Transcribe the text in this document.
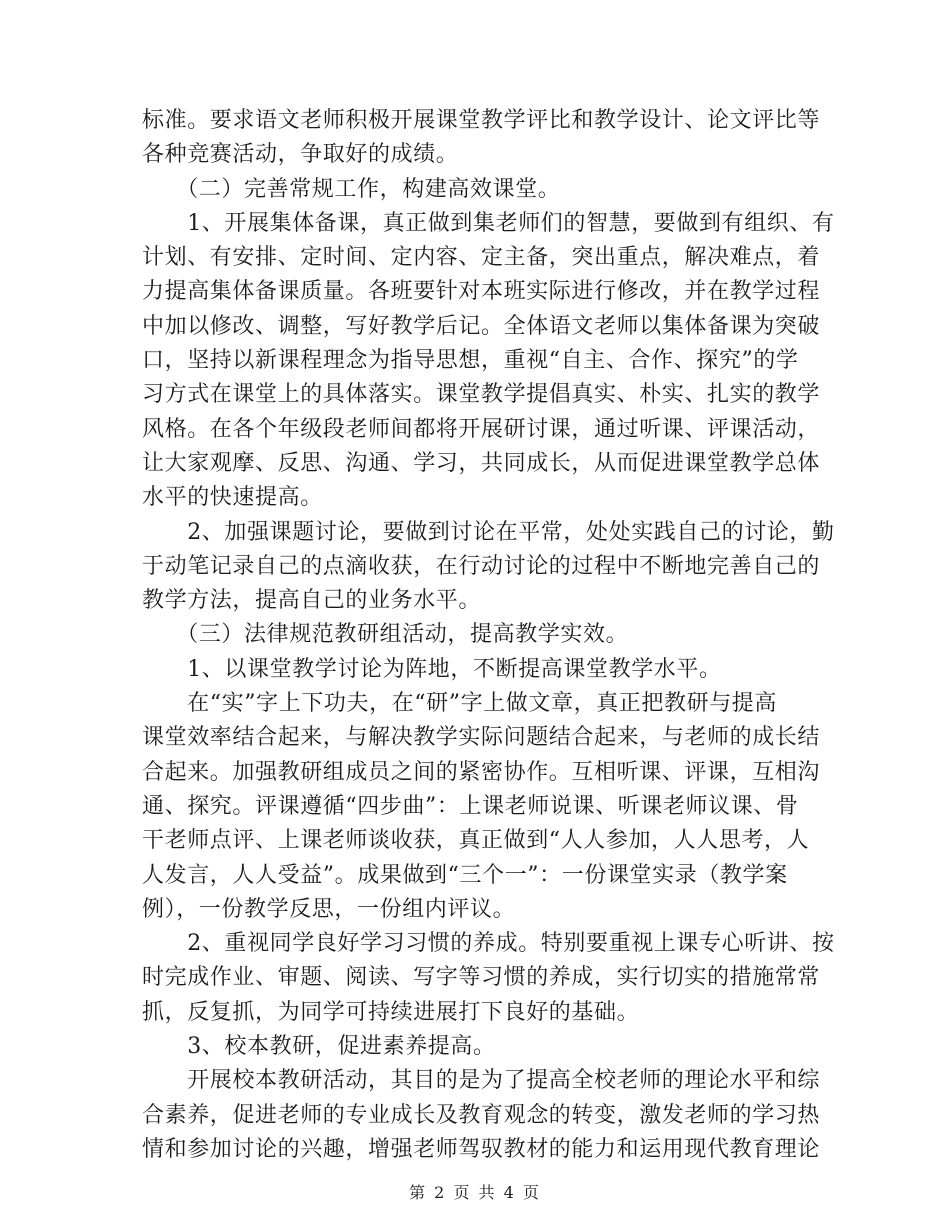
标准。要求语文老师积极开展课堂教学评比和教学设计、论文评比等
各种竞赛活动，争取好的成绩。
　　（二）完善常规工作，构建高效课堂。
　　1、开展集体备课，真正做到集老师们的智慧，要做到有组织、有
计划、有安排、定时间、定内容、定主备，突出重点，解决难点，着
力提高集体备课质量。各班要针对本班实际进行修改，并在教学过程
中加以修改、调整，写好教学后记。全体语文老师以集体备课为突破
口，坚持以新课程理念为指导思想，重视“自主、合作、探究”的学
习方式在课堂上的具体落实。课堂教学提倡真实、朴实、扎实的教学
风格。在各个年级段老师间都将开展研讨课，通过听课、评课活动，
让大家观摩、反思、沟通、学习，共同成长，从而促进课堂教学总体
水平的快速提高。
　　2、加强课题讨论，要做到讨论在平常，处处实践自己的讨论，勤
于动笔记录自己的点滴收获，在行动讨论的过程中不断地完善自己的
教学方法，提高自己的业务水平。
　　（三）法律规范教研组活动，提高教学实效。
　　1、以课堂教学讨论为阵地，不断提高课堂教学水平。
　　在“实”字上下功夫，在“研”字上做文章，真正把教研与提高
课堂效率结合起来，与解决教学实际问题结合起来，与老师的成长结
合起来。加强教研组成员之间的紧密协作。互相听课、评课，互相沟
通、探究。评课遵循“四步曲”：上课老师说课、听课老师议课、骨
干老师点评、上课老师谈收获，真正做到“人人参加，人人思考，人
人发言，人人受益”。成果做到“三个一”：一份课堂实录（教学案
例），一份教学反思，一份组内评议。
　　2、重视同学良好学习习惯的养成。特别要重视上课专心听讲、按
时完成作业、审题、阅读、写字等习惯的养成，实行切实的措施常常
抓，反复抓，为同学可持续进展打下良好的基础。
　　3、校本教研，促进素养提高。
　　开展校本教研活动，其目的是为了提高全校老师的理论水平和综
合素养，促进老师的专业成长及教育观念的转变，激发老师的学习热
情和参加讨论的兴趣，增强老师驾驭教材的能力和运用现代教育理论
第 2 页 共 4 页
